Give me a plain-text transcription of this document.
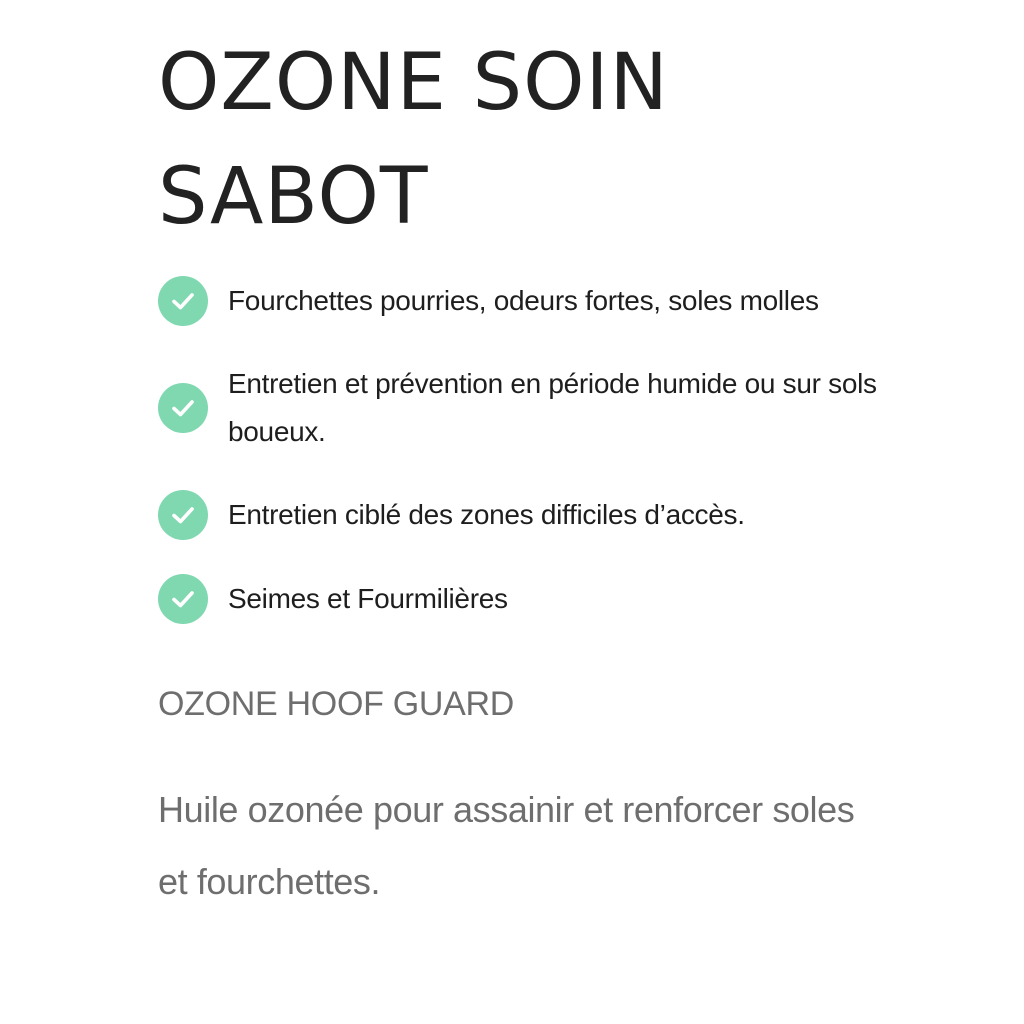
OZONE SOIN
SABOT
Fourchettes pourries, odeurs fortes, soles molles
Entretien et prévention en période humide ou sur sols boueux.
Entretien ciblé des zones difficiles d’accès.
Seimes et Fourmilières
OZONE HOOF GUARD

Huile ozonée pour assainir et renforcer soles et fourchettes.
